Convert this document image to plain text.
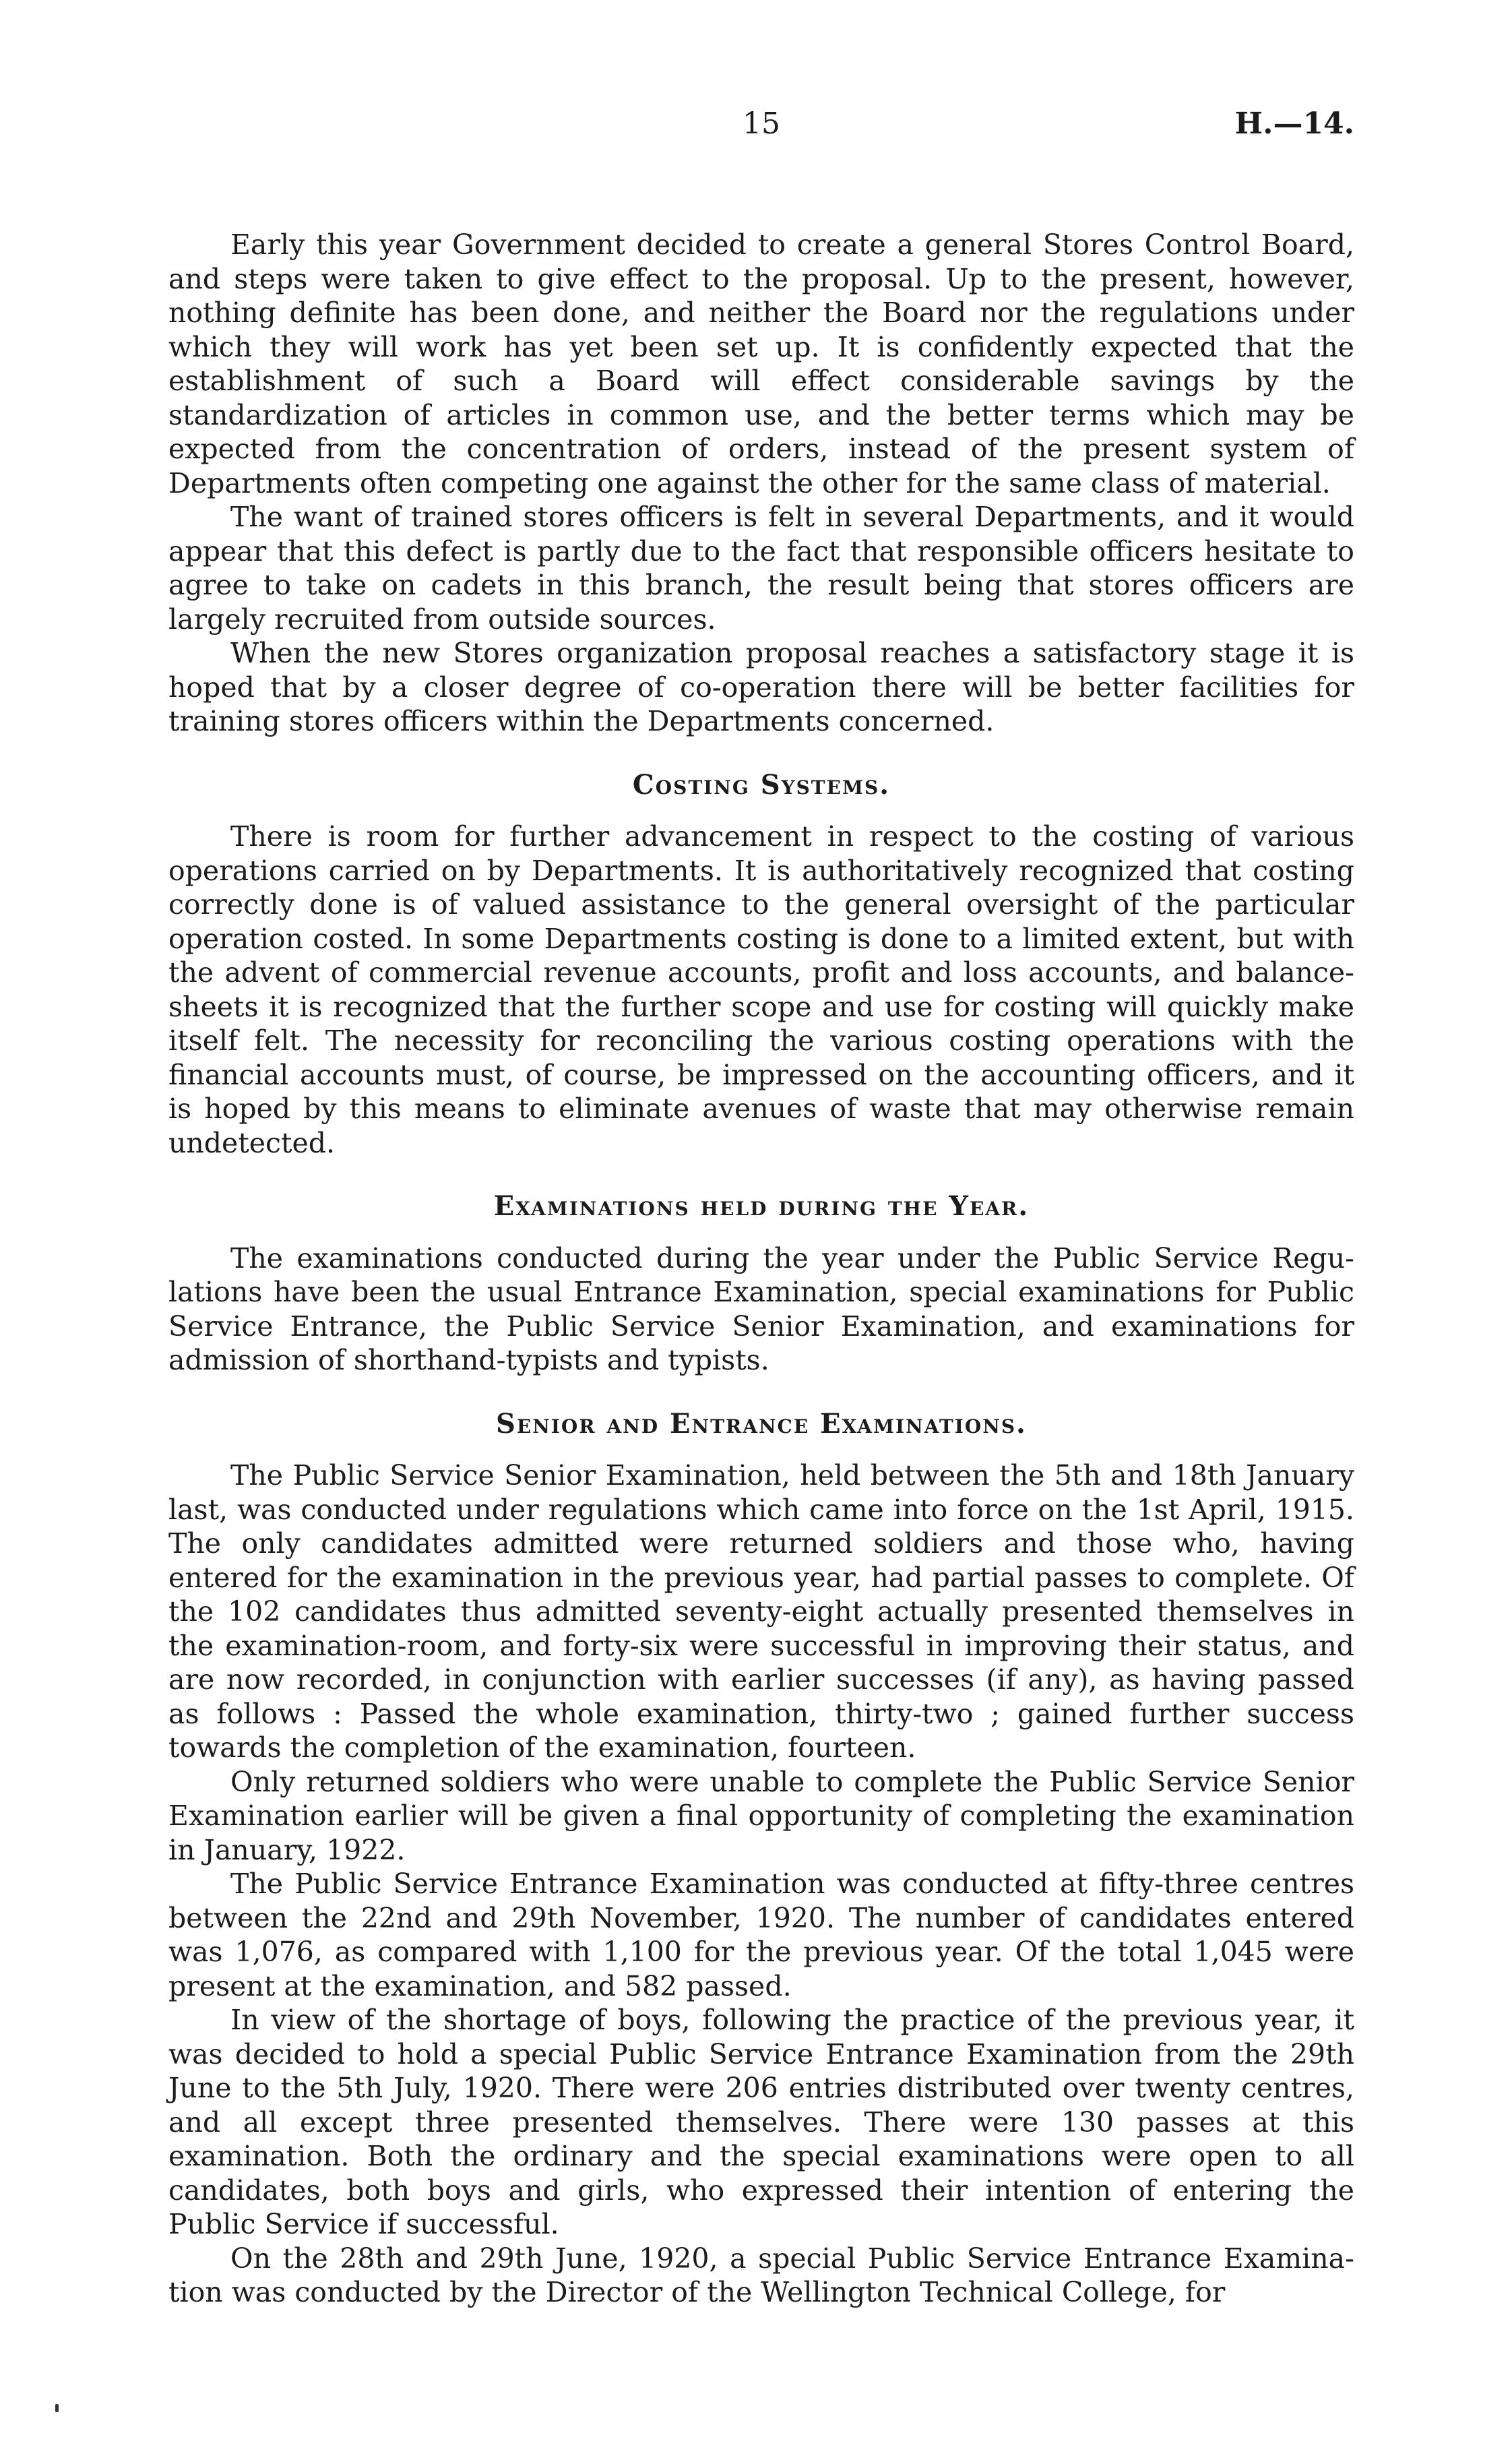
15	H.—14.

Early this year Government decided to create a general Stores Control Board, and steps were taken to give effect to the proposal. Up to the present, however, nothing definite has been done, and neither the Board nor the regulations under which they will work has yet been set up. It is confidently expected that the establishment of such a Board will effect considerable savings by the standardization of articles in common use, and the better terms which may be expected from the concentration of orders, instead of the present system of Departments often competing one against the other for the same class of material.

The want of trained stores officers is felt in several Departments, and it would appear that this defect is partly due to the fact that responsible officers hesitate to agree to take on cadets in this branch, the result being that stores officers are largely recruited from outside sources.

When the new Stores organization proposal reaches a satisfactory stage it is hoped that by a closer degree of co-operation there will be better facilities for training stores officers within the Departments concerned.

Costing Systems.

There is room for further advancement in respect to the costing of various operations carried on by Departments. It is authoritatively recognized that costing correctly done is of valued assistance to the general oversight of the particular operation costed. In some Departments costing is done to a limited extent, but with the advent of commercial revenue accounts, profit and loss accounts, and balance-sheets it is recognized that the further scope and use for costing will quickly make itself felt. The necessity for reconciling the various costing operations with the financial accounts must, of course, be impressed on the accounting officers, and it is hoped by this means to eliminate avenues of waste that may otherwise remain undetected.

Examinations held during the Year.

The examinations conducted during the year under the Public Service Regulations have been the usual Entrance Examination, special examinations for Public Service Entrance, the Public Service Senior Examination, and examinations for admission of shorthand-typists and typists.

Senior and Entrance Examinations.

The Public Service Senior Examination, held between the 5th and 18th January last, was conducted under regulations which came into force on the 1st April, 1915. The only candidates admitted were returned soldiers and those who, having entered for the examination in the previous year, had partial passes to complete. Of the 102 candidates thus admitted seventy-eight actually presented themselves in the examination-room, and forty-six were successful in improving their status, and are now recorded, in conjunction with earlier successes (if any), as having passed as follows : Passed the whole examination, thirty-two ; gained further success towards the completion of the examination, fourteen.

Only returned soldiers who were unable to complete the Public Service Senior Examination earlier will be given a final opportunity of completing the examination in January, 1922.

The Public Service Entrance Examination was conducted at fifty-three centres between the 22nd and 29th November, 1920. The number of candidates entered was 1,076, as compared with 1,100 for the previous year. Of the total 1,045 were present at the examination, and 582 passed.

In view of the shortage of boys, following the practice of the previous year, it was decided to hold a special Public Service Entrance Examination from the 29th June to the 5th July, 1920. There were 206 entries distributed over twenty centres, and all except three presented themselves. There were 130 passes at this examination. Both the ordinary and the special examinations were open to all candidates, both boys and girls, who expressed their intention of entering the Public Service if successful.

On the 28th and 29th June, 1920, a special Public Service Entrance Examination was conducted by the Director of the Wellington Technical College, for
